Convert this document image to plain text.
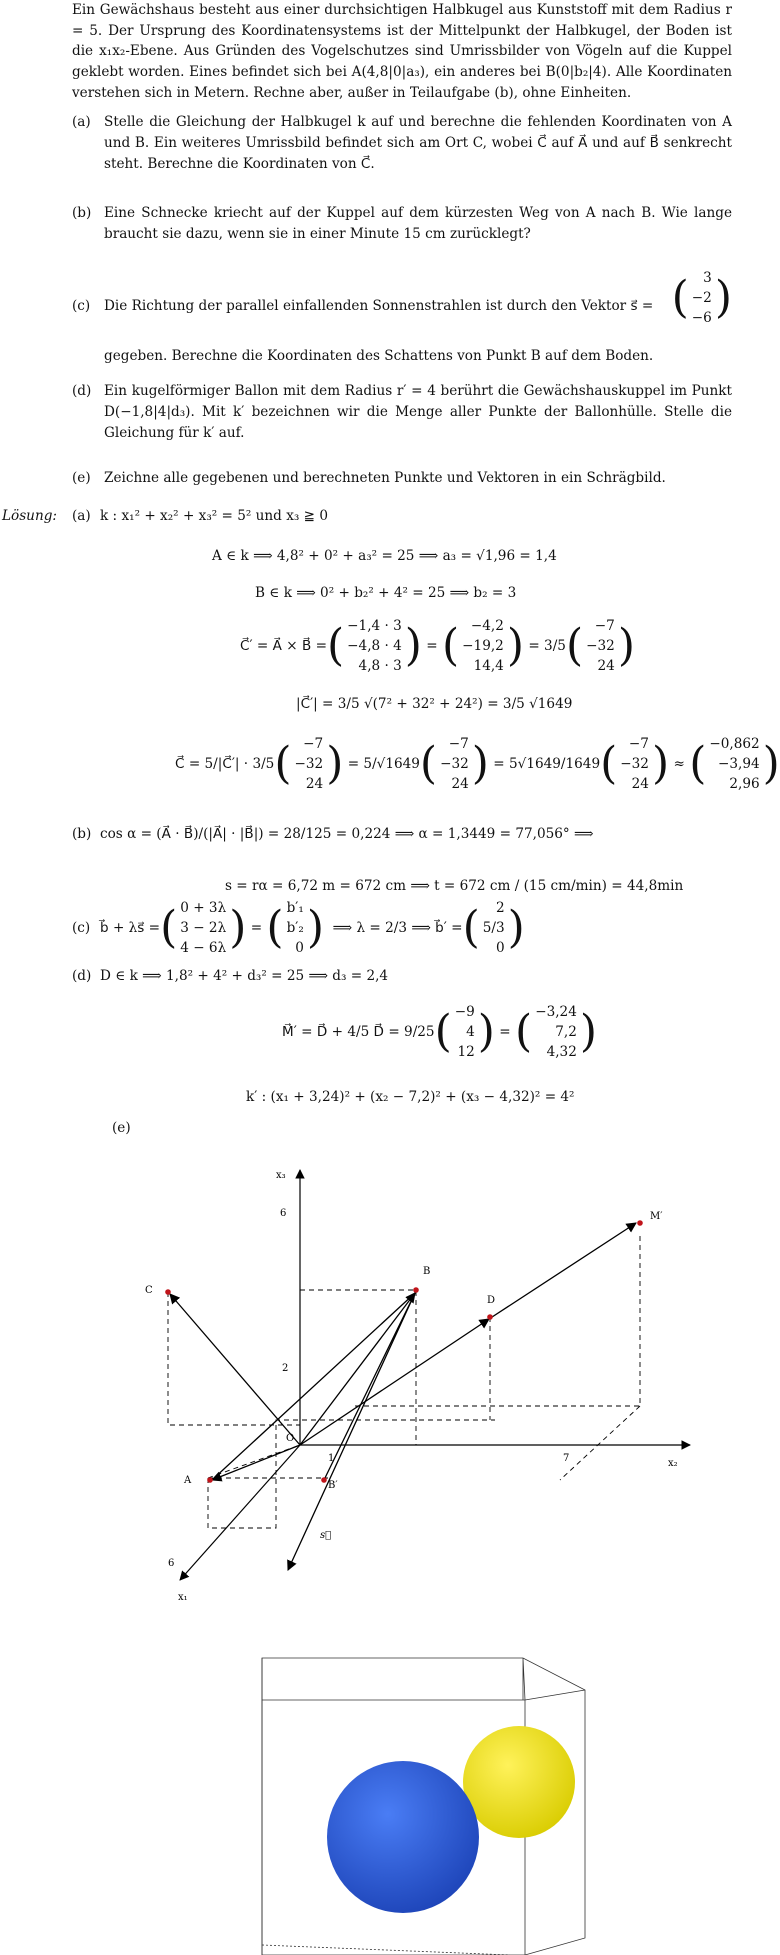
Ein Gewächshaus besteht aus einer durchsichtigen Halbkugel aus Kunststoff mit dem Radius r = 5. Der Ursprung des Koordinatensystems ist der Mittelpunkt der Halbkugel, der Boden ist die x₁x₂-Ebene. Aus Gründen des Vogelschutzes sind Umrissbilder von Vögeln auf die Kuppel geklebt worden. Eines befindet sich bei A(4,8|0|a₃), ein anderes bei B(0|b₂|4). Alle Koordinaten verstehen sich in Metern. Rechne aber, außer in Teilaufgabe (b), ohne Einheiten.
(a) Stelle die Gleichung der Halbkugel k auf und berechne die fehlenden Koordinaten von A und B. Ein weiteres Umrissbild befindet sich am Ort C, wobei C⃗ auf A⃗ und auf B⃗ senkrecht steht. Berechne die Koordinaten von C⃗.
(b) Eine Schnecke kriecht auf der Kuppel auf dem kürzesten Weg von A nach B. Wie lange braucht sie dazu, wenn sie in einer Minute 15 cm zurücklegt?
(c)	Die Richtung der parallel einfallenden Sonnenstrahlen ist durch den Vektor s⃗ = ( 3
−2
−6 )
gegeben. Berechne die Koordinaten des Schattens von Punkt B auf dem Boden.
(d) Ein kugelförmiger Ballon mit dem Radius r′ = 4 berührt die Gewächshauskuppel im Punkt D(−1,8|4|d₃). Mit k′ bezeichnen wir die Menge aller Punkte der Ballonhülle. Stelle die Gleichung für k′ auf.
(e) Zeichne alle gegebenen und berechneten Punkte und Vektoren in ein Schrägbild.
Lösung: (a) k : x₁² + x₂² + x₃² = 5² und x₃ ≧ 0
A ∈ k ⟹ 4,8² + 0² + a₃² = 25 ⟹ a₃ = √1,96 = 1,4
B ∈ k ⟹ 0² + b₂² + 4² = 25 ⟹ b₂ = 3
C⃗′ = A⃗ × B⃗ = ( −1,4 · 3
−4,8 · 4
4,8 · 3 ) = ( −4,2
−19,2
14,4 )
= 3/5 ( −7
−32
24 )
|C⃗′| = 3/5 √(7² + 32² + 24²) = 3/5 √1649
C⃗ = 5/|C⃗′| · 3/5 ( −7
−32
24 )
= 5/√1649 ( −7
−32
24 )
= 5√1649/1649 ( −7
−32
24 ) ≈ ( −0,862
−3,94
2,96 )
(b) cos α = (A⃗ · B⃗)/(|A⃗| · |B⃗|) = 28/125 = 0,224 ⟹ α = 1,3449 = 77,056° ⟹
s = rα = 6,72 m = 672 cm ⟹ t = 672 cm / (15 cm/min) = 44,8min
(c) b⃗ + λs⃗ = ( 0 + 3λ
3 − 2λ
4 − 6λ ) = ( b′₁
b′₂
0 )
⟹ λ = 2/3 ⟹ b⃗′ = ( 2
5/3
0 )
(d) D ∈ k ⟹ 1,8² + 4² + d₃² = 25 ⟹ d₃ = 2,4
M⃗′ = D⃗ + 4/5 D⃗ = 9/25 ( −9
4
12 ) = ( −3,24
7,2
4,32 )
k′ : (x₁ + 3,24)² + (x₂ − 7,2)² + (x₃ − 4,32)² = 4²
(e)
x₃
x₂
x₁
6
2
1	7
6
O
A
B
B′
C
D
M′
s⃗
